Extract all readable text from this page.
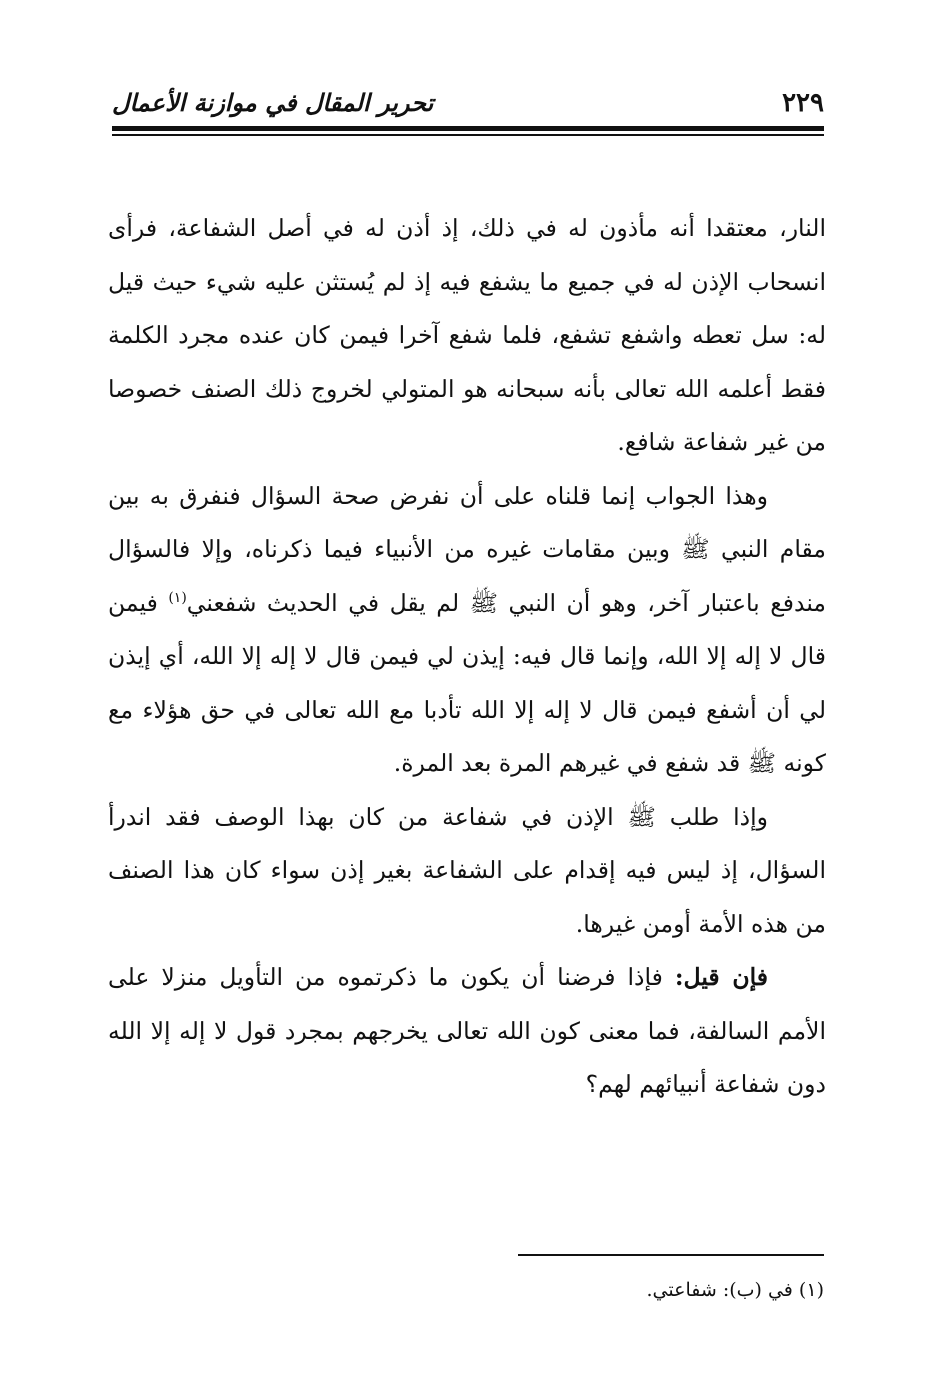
٢٢٩
تحرير المقال في موازنة الأعمال

النار، معتقدا أنه مأذون له في ذلك، إذ أذن له في أصل الشفاعة، فرأى انسحاب الإذن له في جميع ما يشفع فيه إذ لم يُستثن عليه شيء حيث قيل له: سل تعطه واشفع تشفع، فلما شفع آخرا فيمن كان عنده مجرد الكلمة فقط أعلمه الله تعالى بأنه سبحانه هو المتولي لخروج ذلك الصنف خصوصا من غير شفاعة شافع.

وهذا الجواب إنما قلناه على أن نفرض صحة السؤال فنفرق به بين مقام النبي ﷺ وبين مقامات غيره من الأنبياء فيما ذكرناه، وإلا فالسؤال مندفع باعتبار آخر، وهو أن النبي ﷺ لم يقل في الحديث شفعني$^{(١)}$ فيمن قال لا إله إلا الله، وإنما قال فيه: إيذن لي فيمن قال لا إله إلا الله، أي إيذن لي أن أشفع فيمن قال لا إله إلا الله تأدبا مع الله تعالى في حق هؤلاء مع كونه ﷺ قد شفع في غيرهم المرة بعد المرة.

وإذا طلب ﷺ الإذن في شفاعة من كان بهذا الوصف فقد اندرأ السؤال، إذ ليس فيه إقدام على الشفاعة بغير إذن سواء كان هذا الصنف من هذه الأمة أومن غيرها.

فإن قيل: فإذا فرضنا أن يكون ما ذكرتموه من التأويل منزلا على الأمم السالفة، فما معنى كون الله تعالى يخرجهم بمجرد قول لا إله إلا الله دون شفاعة أنبيائهم لهم؟

(١) في (ب): شفاعتي.
